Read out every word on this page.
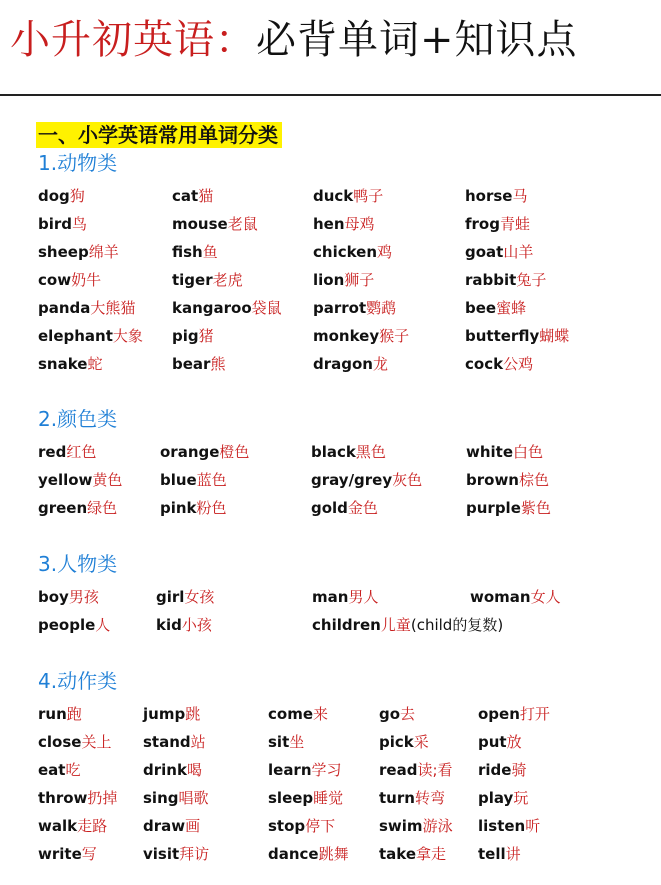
小升初英语：必背单词+知识点
一、小学英语常用单词分类
1.动物类
dog狗	cat猫	duck鸭子	horse马
bird鸟	mouse老鼠	hen母鸡	frog青蛙
sheep绵羊	fish鱼	chicken鸡	goat山羊
cow奶牛	tiger老虎	lion狮子	rabbit兔子
panda大熊猫 kangaroo袋鼠 parrot鹦鹉	bee蜜蜂
elephant大象 pig猪	monkey猴子	butterfly蝴蝶
snake蛇	bear熊	dragon龙	cock公鸡
2.颜色类
red红色	orange橙色	black黑色	white白色
yellow黄色	blue蓝色	gray/grey灰色	brown棕色
green绿色	pink粉色	gold金色	purple紫色
3.人物类
boy男孩	girl女孩	man男人	woman女人
people人	kid小孩	children儿童(child的复数)
4.动作类
run跑	jump跳	come来	go去	open打开
close关上 stand站	sit坐	pick采	put放
eat吃	drink喝	learn学习 read读;看 ride骑
throw扔掉 sing唱歌	sleep睡觉 turn转弯 play玩
walk走路 draw画	stop停下	swim游泳 listen听
write写	visit拜访	dance跳舞 take拿走 tell讲
